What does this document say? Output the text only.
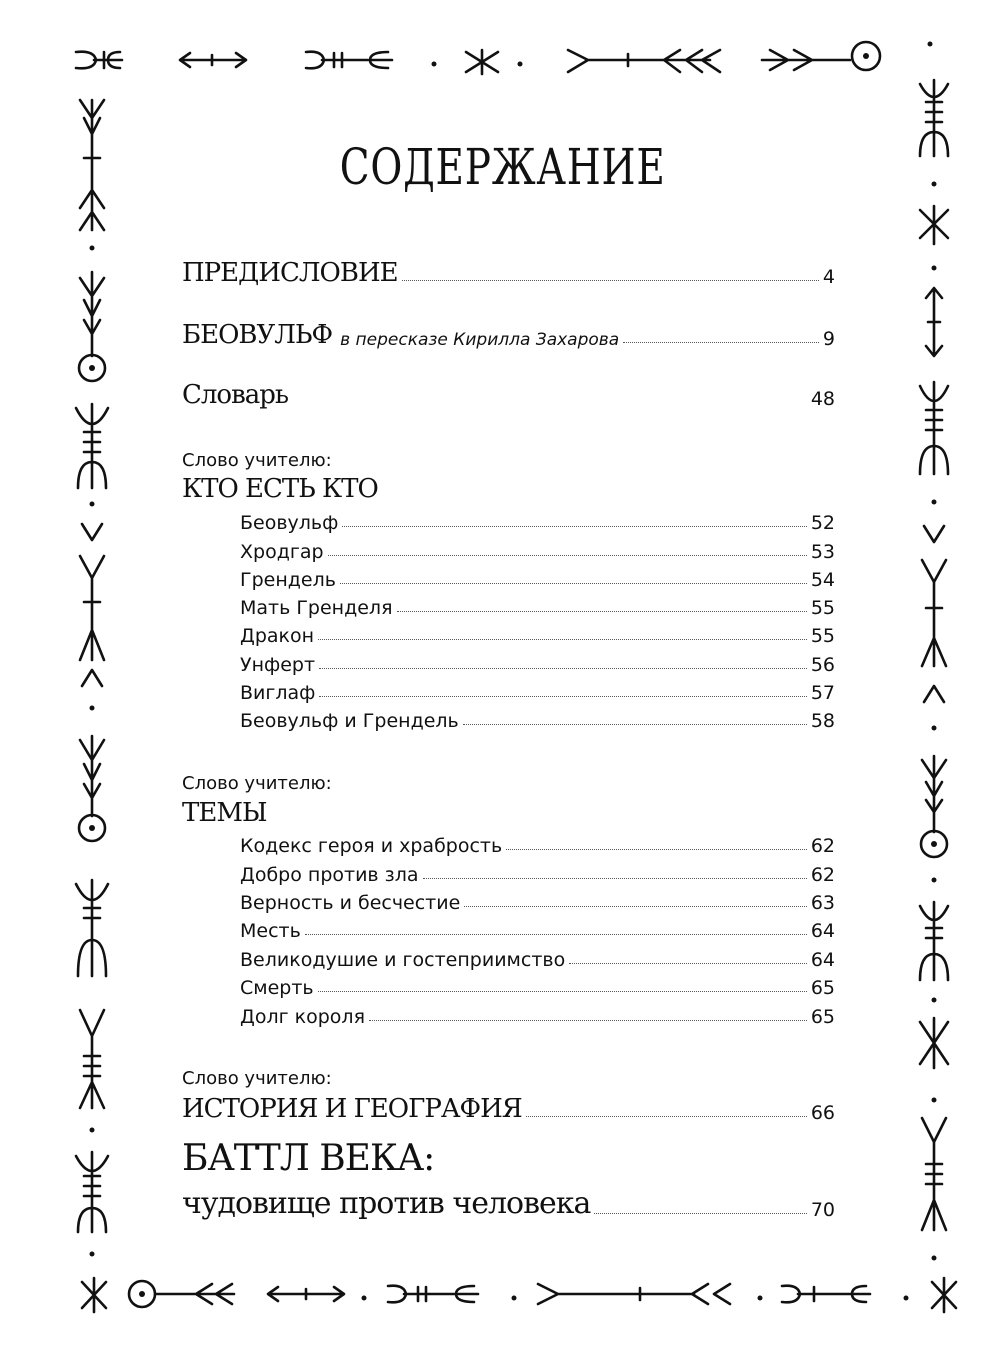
СОДЕРЖАНИЕ
ПРЕДИСЛОВИЕ	4
БЕОВУЛЬФ в пересказе Кирилла Захарова	9
Словарь	48
Слово учителю:
КТО ЕСТЬ КТО
Беовульф	52
Хродгар	53
Грендель	54
Мать Гренделя	55
Дракон	55
Унферт	56
Виглаф	57
Беовульф и Грендель	58
Слово учителю:
ТЕМЫ
Кодекс героя и храбрость	62
Добро против зла	62
Верность и бесчестие	63
Месть	64
Великодушие и гостеприимство	64
Смерть	65
Долг короля	65
Слово учителю:
ИСТОРИЯ И ГЕОГРАФИЯ	66
БАТТЛ ВЕКА:
чудовище против человека	70
